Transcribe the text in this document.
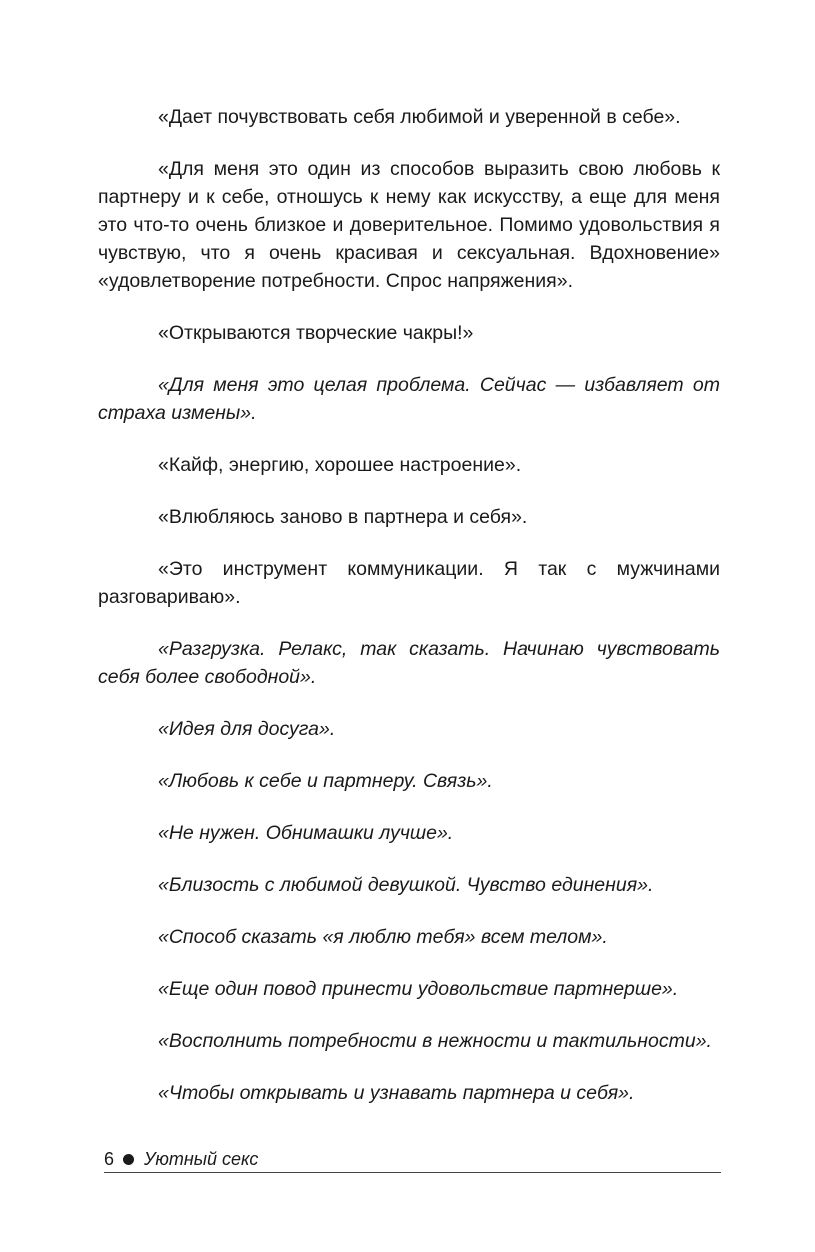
«Дает почувствовать себя любимой и уверенной в себе».

«Для меня это один из способов выразить свою любовь к партнеру и к себе, отношусь к нему как искусству, а еще для меня это что-то очень близкое и доверительное. Помимо удовольствия я чувствую, что я очень красивая и сексуальная. Вдохновение» «удовлетворение потребности. Спрос напряжения».

«Открываются творческие чакры!»

«Для меня это целая проблема. Сейчас — избавляет от страха измены».

«Кайф, энергию, хорошее настроение».

«Влюбляюсь заново в партнера и себя».

«Это инструмент коммуникации. Я так с мужчинами разговариваю».

«Разгрузка. Релакс, так сказать. Начинаю чувствовать себя более свободной».

«Идея для досуга».

«Любовь к себе и партнеру. Связь».

«Не нужен. Обнимашки лучше».

«Близость с любимой девушкой. Чувство единения».

«Способ сказать «я люблю тебя» всем телом».

«Еще один повод принести удовольствие партнерше».

«Восполнить потребности в нежности и тактильности».

«Чтобы открывать и узнавать партнера и себя».

6 Уютный секс
